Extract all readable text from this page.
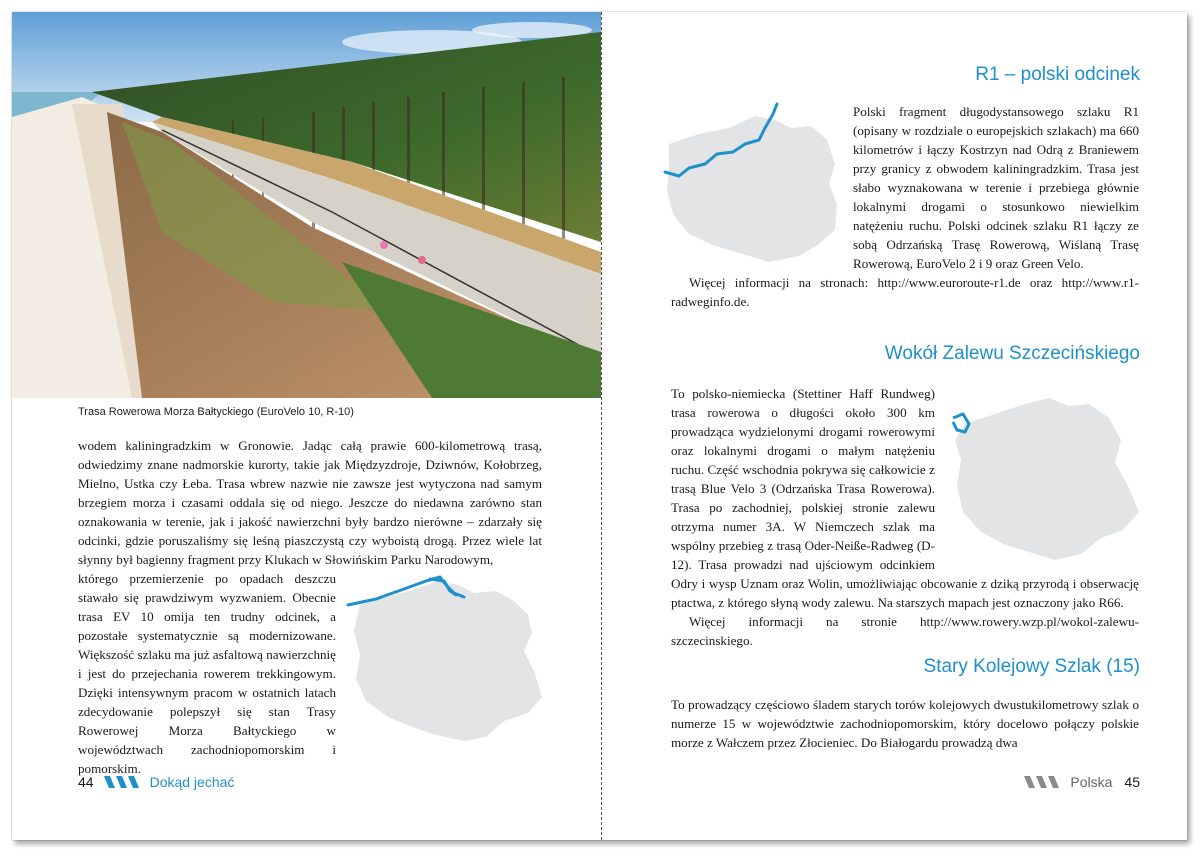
Trasa Rowerowa Morza Bałtyckiego (EuroVelo 10, R-10)

wodem kaliningradzkim w Gronowie. Jadąc całą prawie 600-kilometrową trasą, odwiedzimy znane nadmorskie kurorty, takie jak Międzyzdroje, Dziwnów, Kołobrzeg, Mielno, Ustka czy Łeba. Trasa wbrew nazwie nie zawsze jest wytyczona nad samym brzegiem morza i czasami oddala się od niego. Jeszcze do niedawna zarówno stan oznakowania w terenie, jak i jakość nawierzchni były bardzo nierówne – zdarzały się odcinki, gdzie poruszaliśmy się leśną piaszczystą czy wyboistą drogą. Przez wiele lat słynny był bagienny fragment przy Klukach w Słowińskim Parku Narodowym,

którego przemierzenie po opadach deszczu stawało się prawdziwym wyzwaniem. Obecnie trasa EV 10 omija ten trudny odcinek, a pozostałe systematycznie są modernizowane. Większość szlaku ma już asfaltową nawierzchnię i jest do przejechania rowerem trekkingowym. Dzięki intensywnym pracom w ostatnich latach zdecydowanie polepszył się stan Trasy Rowerowej Morza Bałtyckiego w województwach zachodniopomorskim i pomorskim.

44	Dokąd jechać
R1 – polski odcinek

Polski fragment długodystansowego szlaku R1 (opisany w rozdziale o europejskich szlakach) ma 660 kilometrów i łączy Kostrzyn nad Odrą z Braniewem przy granicy z obwodem kaliningradzkim. Trasa jest słabo wyznakowana w terenie i przebiega głównie lokalnymi drogami o stosunkowo niewielkim natężeniu ruchu. Polski odcinek szlaku R1 łączy ze sobą Odrzańską Trasę Rowerową, Wiślaną Trasę Rowerową, EuroVelo 2 i 9 oraz Green Velo.

Więcej informacji na stronach: http://www.euroroute-r1.de oraz http://www.r1-radweginfo.de.

Wokół Zalewu Szczecińskiego

To polsko-niemiecka (Stettiner Haff Rundweg) trasa rowerowa o długości około 300 km prowadząca wydzielonymi drogami rowerowymi oraz lokalnymi drogami o małym natężeniu ruchu. Część wschodnia pokrywa się całkowicie z trasą Blue Velo 3 (Odrzańska Trasa Rowerowa). Trasa po zachodniej, polskiej stronie zalewu otrzyma numer 3A. W Niemczech szlak ma wspólny przebieg z trasą Oder-Neiße-Radweg (D-12). Trasa prowadzi nad ujściowym odcinkiem Odry i wysp Uznam oraz Wolin, umożliwiając obcowanie z dziką przyrodą i obserwację ptactwa, z którego słyną wody zalewu. Na starszych mapach jest oznaczony jako R66.

Więcej informacji na stronie http://www.rowery.wzp.pl/wokol-zalewu-szczecinskiego.

Stary Kolejowy Szlak (15)

To prowadzący częściowo śladem starych torów kolejowych dwustukilometrowy szlak o numerze 15 w województwie zachodniopomorskim, który docelowo połączy polskie morze z Wałczem przez Złocieniec. Do Białogardu prowadzą dwa

Polska 45
